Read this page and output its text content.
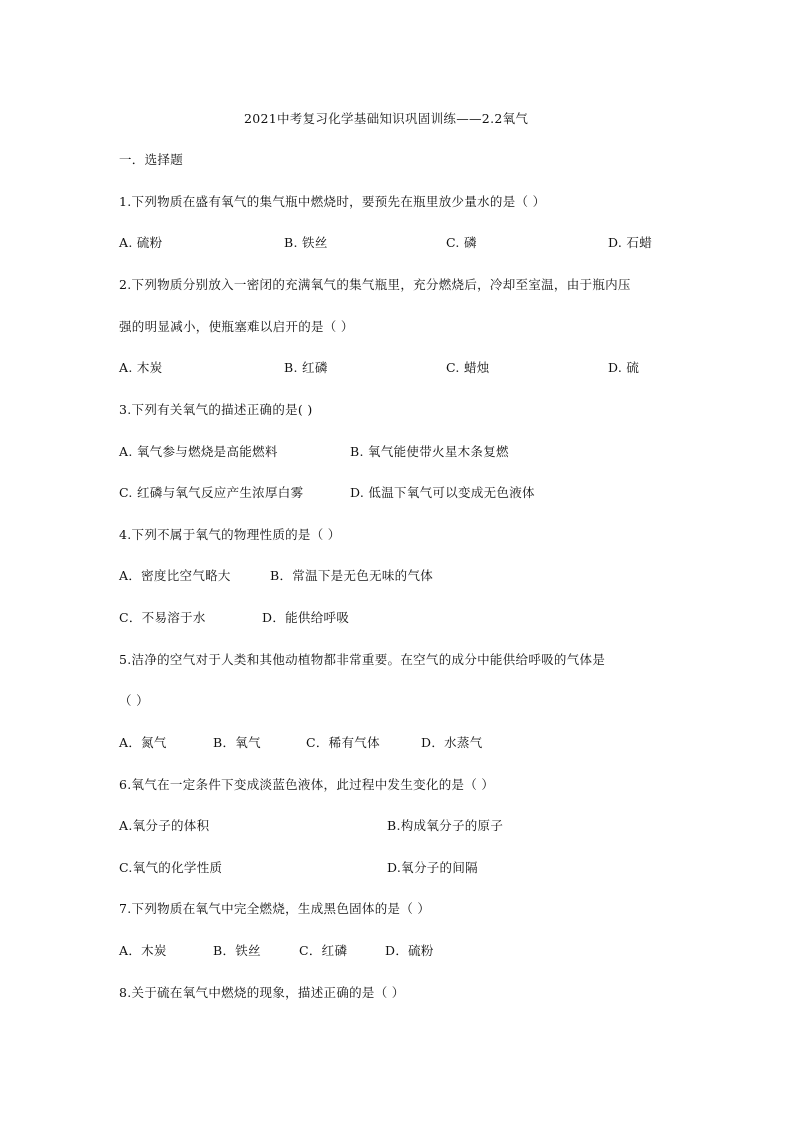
2021中考复习化学基础知识巩固训练——2.2氧气
一．选择题
1.下列物质在盛有氧气的集气瓶中燃烧时，要预先在瓶里放少量水的是（ ）
A. 硫粉	B. 铁丝	C. 磷	D. 石蜡
2.下列物质分别放入一密闭的充满氧气的集气瓶里，充分燃烧后，冷却至室温，由于瓶内压
强的明显减小，使瓶塞难以启开的是（ ）
A. 木炭	B. 红磷	C. 蜡烛	D. 硫
3.下列有关氧气的描述正确的是( )
A. 氧气参与燃烧是高能燃料	B. 氧气能使带火星木条复燃
C. 红磷与氧气反应产生浓厚白雾	D. 低温下氧气可以变成无色液体
4.下列不属于氧气的物理性质的是（ ）
A．密度比空气略大	B．常温下是无色无味的气体
C．不易溶于水	D．能供给呼吸
5.洁净的空气对于人类和其他动植物都非常重要。在空气的成分中能供给呼吸的气体是
（ ）
A．氮气	B．氧气	C．稀有气体	D．水蒸气
6.氧气在一定条件下变成淡蓝色液体，此过程中发生变化的是（ ）
A.氧分子的体积	B.构成氧分子的原子
C.氧气的化学性质	D.氧分子的间隔
7.下列物质在氧气中完全燃烧，生成黑色固体的是（ ）
A．木炭	B．铁丝	C．红磷	D．硫粉
8.关于硫在氧气中燃烧的现象，描述正确的是（ ）
